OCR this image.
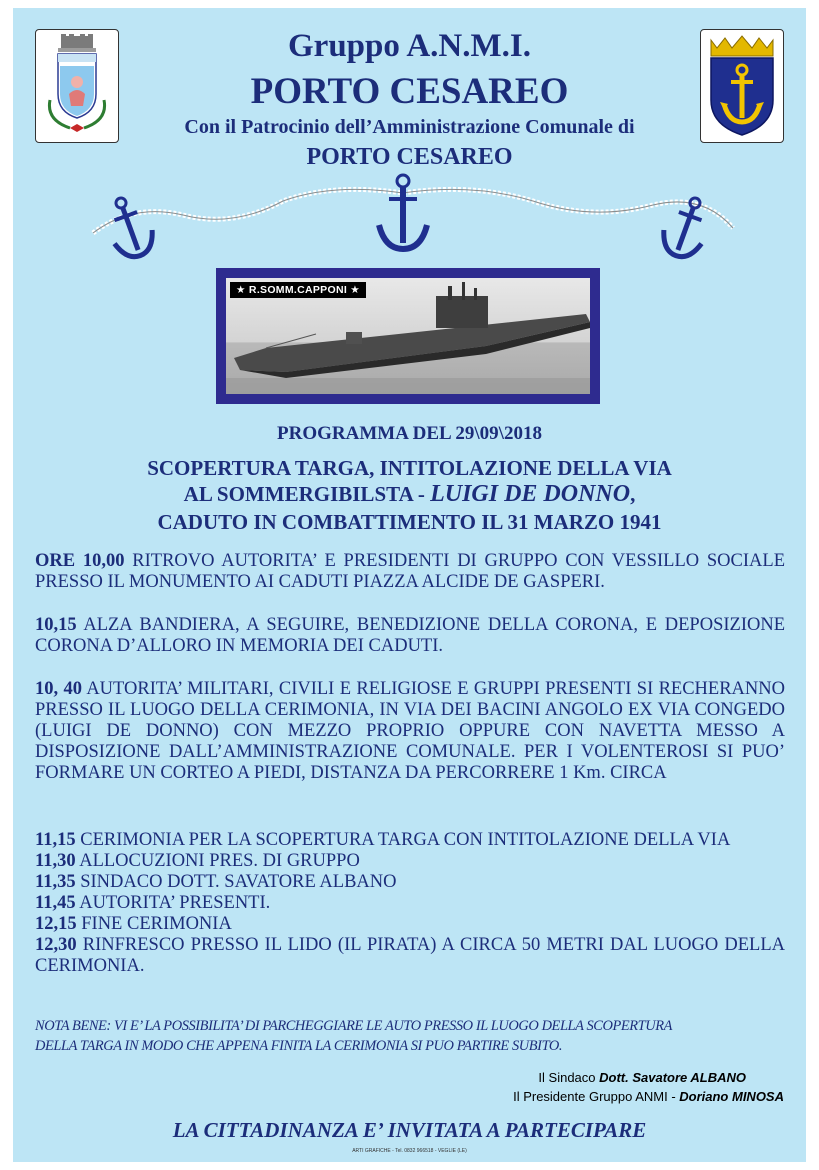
Gruppo A.N.M.I.
PORTO CESAREO
Con il Patrocinio dell’Amministrazione Comunale di
PORTO CESAREO
★ R.SOMM.CAPPONI ★
PROGRAMMA DEL 29\09\2018
SCOPERTURA TARGA, INTITOLAZIONE DELLA VIA
AL SOMMERGIBILSTA - LUIGI DE DONNO,
CADUTO IN COMBATTIMENTO IL 31 MARZO 1941

ORE 10,00 RITROVO AUTORITA’ E PRESIDENTI DI GRUPPO CON VESSILLO SOCIALE PRESSO IL MONUMENTO AI CADUTI PIAZZA ALCIDE DE GASPERI.

10,15 ALZA BANDIERA, A SEGUIRE, BENEDIZIONE DELLA CORONA, E DEPOSIZIONE CORONA D’ALLORO IN MEMORIA DEI CADUTI.

10, 40 AUTORITA’ MILITARI, CIVILI E RELIGIOSE E GRUPPI PRESENTI SI RECHERANNO PRESSO IL LUOGO DELLA CERIMONIA, IN VIA DEI BACINI ANGOLO EX VIA CONGEDO (LUIGI DE DONNO) CON MEZZO PROPRIO OPPURE CON NAVETTA MESSO A DISPOSIZIONE DALL’AMMINISTRAZIONE COMUNALE. PER I VOLENTEROSI SI PUO’ FORMARE UN CORTEO A PIEDI, DISTANZA DA PERCORRERE 1 Km. CIRCA

11,15 CERIMONIA PER LA SCOPERTURA TARGA CON INTITOLAZIONE DELLA VIA
11,30 ALLOCUZIONI PRES. DI GRUPPO
11,35 SINDACO DOTT. SAVATORE ALBANO
11,45 AUTORITA’ PRESENTI.
12,15 FINE CERIMONIA
12,30 RINFRESCO PRESSO IL LIDO (IL PIRATA) A CIRCA 50 METRI DAL LUOGO DELLA CERIMONIA.
NOTA BENE: VI E’ LA POSSIBILITA’ DI PARCHEGGIARE LE AUTO PRESSO IL LUOGO DELLA SCOPERTURA
DELLA TARGA IN MODO CHE APPENA FINITA LA CERIMONIA SI PUO PARTIRE SUBITO.
Il Sindaco Dott. Savatore ALBANO
Il Presidente Gruppo ANMI - Doriano MINOSA
LA CITTADINANZA E’ INVITATA A PARTECIPARE
ARTI GRAFICHE - Tel. 0832 966518 - VEGLIE (LE)
